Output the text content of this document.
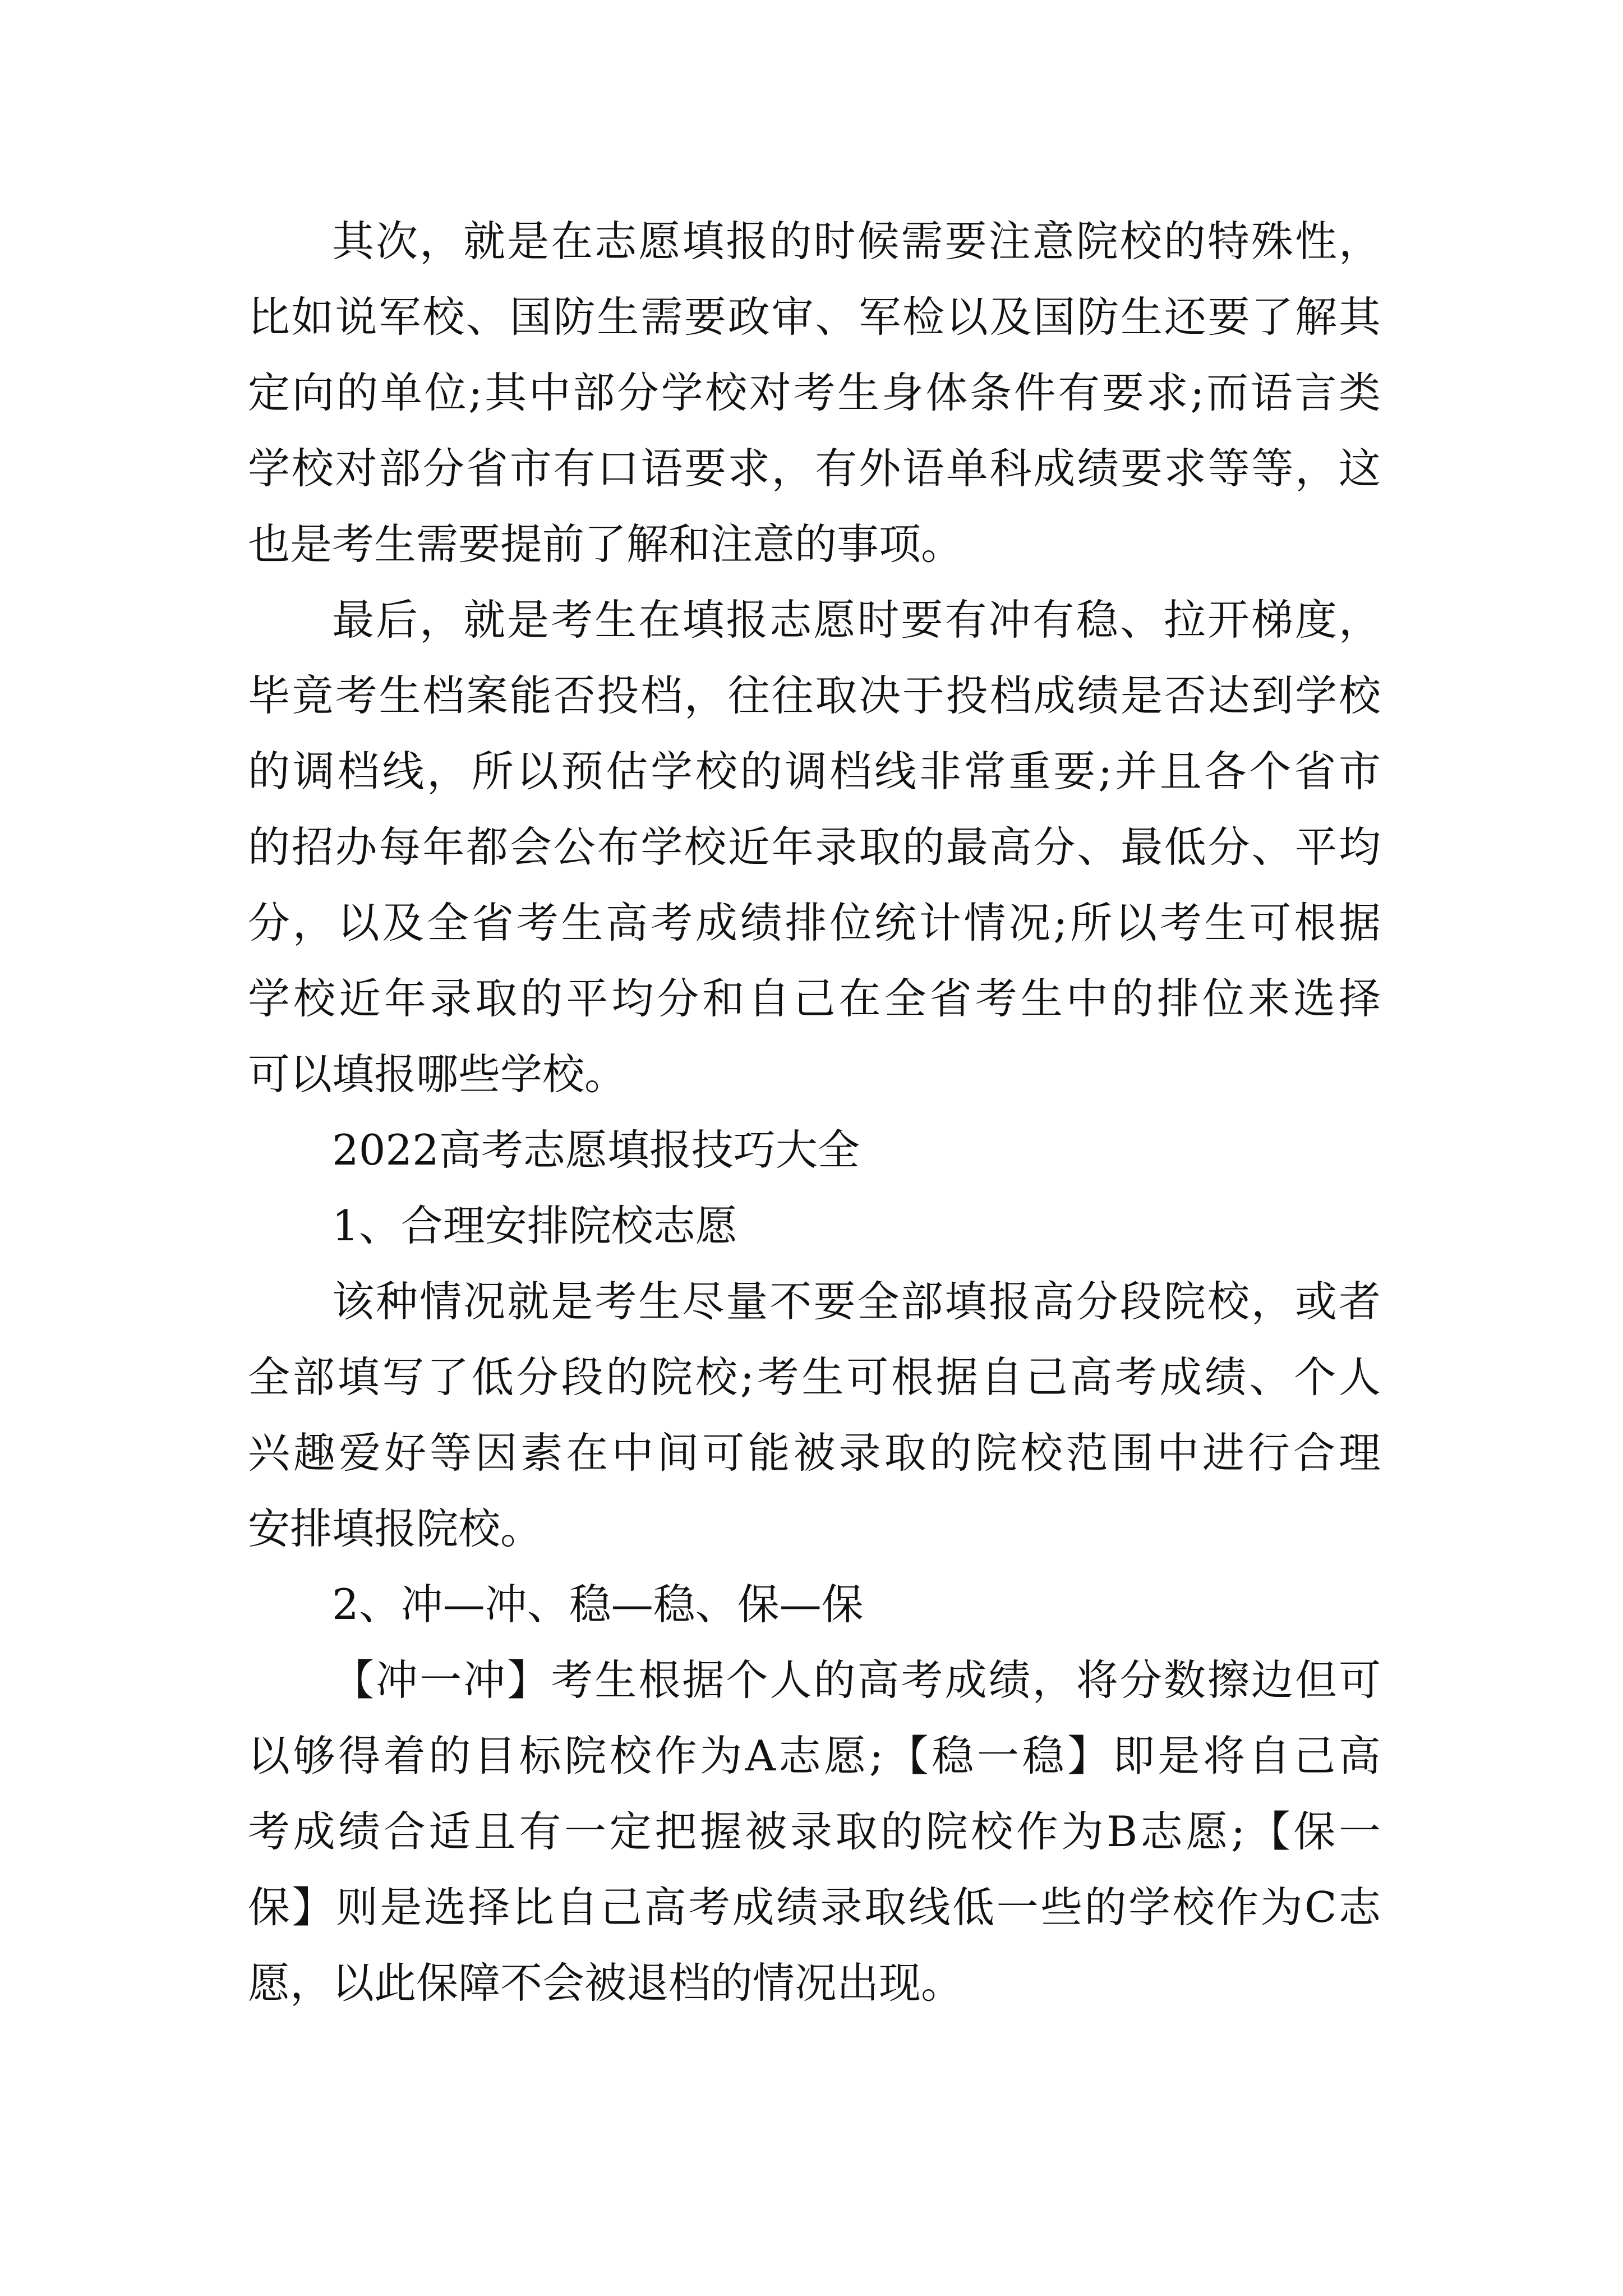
其次，就是在志愿填报的时候需要注意院校的特殊性，
比如说军校、国防生需要政审、军检以及国防生还要了解其
定向的单位;其中部分学校对考生身体条件有要求;而语言类
学校对部分省市有口语要求，有外语单科成绩要求等等，这
也是考生需要提前了解和注意的事项。
最后，就是考生在填报志愿时要有冲有稳、拉开梯度，
毕竟考生档案能否投档，往往取决于投档成绩是否达到学校
的调档线，所以预估学校的调档线非常重要;并且各个省市
的招办每年都会公布学校近年录取的最高分、最低分、平均
分，以及全省考生高考成绩排位统计情况;所以考生可根据
学校近年录取的平均分和自己在全省考生中的排位来选择
可以填报哪些学校。
2022高考志愿填报技巧大全
1、合理安排院校志愿
该种情况就是考生尽量不要全部填报高分段院校，或者
全部填写了低分段的院校;考生可根据自己高考成绩、个人
兴趣爱好等因素在中间可能被录取的院校范围中进行合理
安排填报院校。
2、冲—冲、稳—稳、保—保
【冲一冲】考生根据个人的高考成绩，将分数擦边但可
以够得着的目标院校作为A志愿;【稳一稳】即是将自己高
考成绩合适且有一定把握被录取的院校作为B志愿;【保一
保】则是选择比自己高考成绩录取线低一些的学校作为C志
愿，以此保障不会被退档的情况出现。
